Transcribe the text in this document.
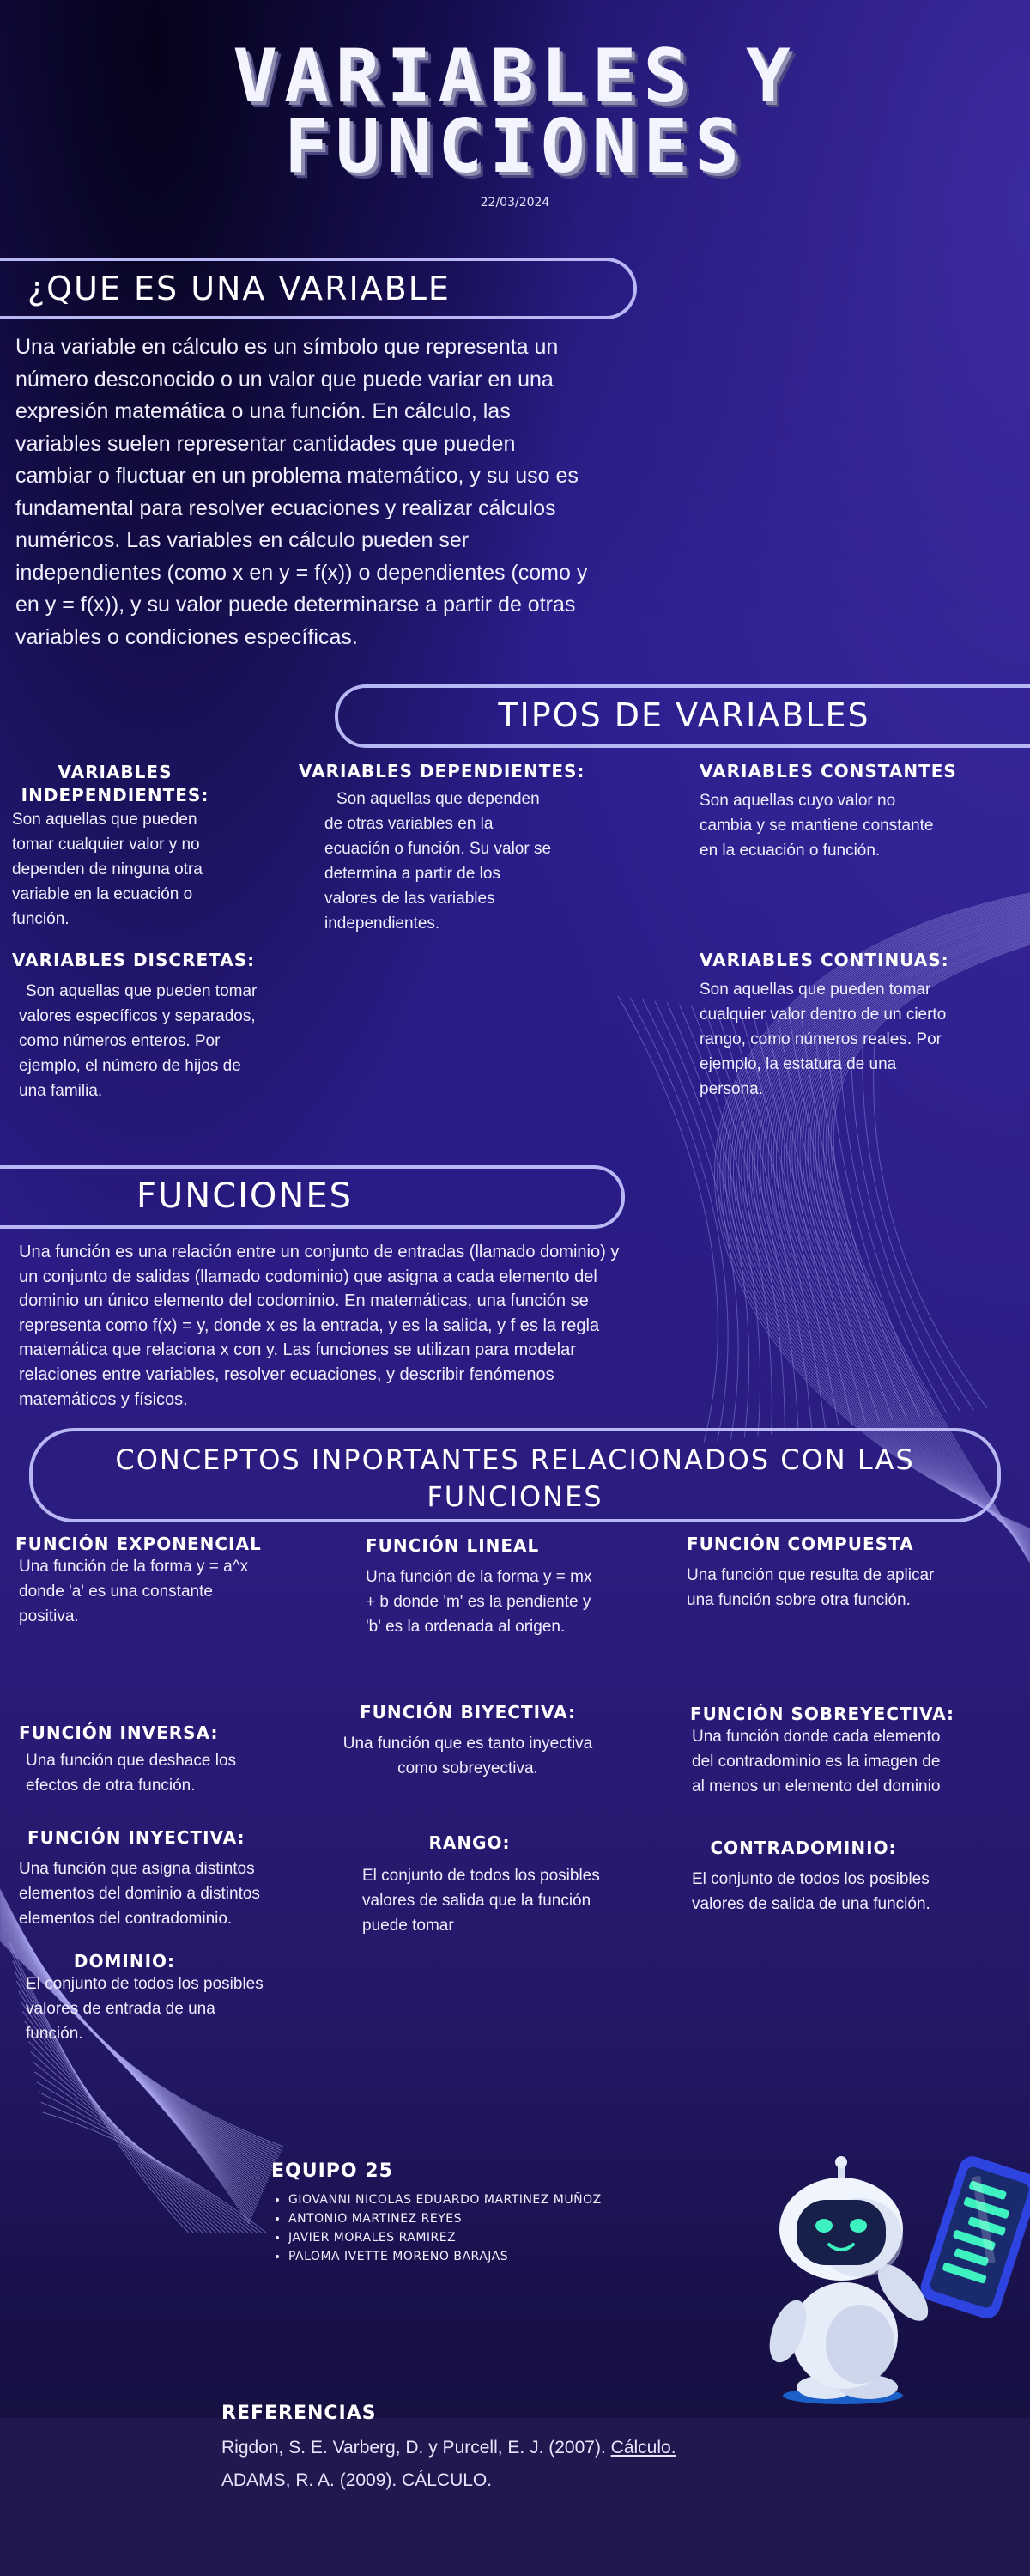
VARIABLES Y
FUNCIONES
22/03/2024
¿QUE ES UNA VARIABLE
Una variable en cálculo es un símbolo que representa un número desconocido o un valor que puede variar en una expresión matemática o una función. En cálculo, las variables suelen representar cantidades que pueden cambiar o fluctuar en un problema matemático, y su uso es fundamental para resolver ecuaciones y realizar cálculos numéricos. Las variables en cálculo pueden ser independientes (como x en y = f(x)) o dependientes (como y en y = f(x)), y su valor puede determinarse a partir de otras variables o condiciones específicas.
TIPOS DE VARIABLES
VARIABLES INDEPENDIENTES:
Son aquellas que pueden tomar cualquier valor y no dependen de ninguna otra variable en la ecuación o función.
VARIABLES DEPENDIENTES:
Son aquellas que dependen de otras variables en la ecuación o función. Su valor se determina a partir de los valores de las variables independientes.
VARIABLES CONSTANTES
Son aquellas cuyo valor no cambia y se mantiene constante en la ecuación o función.
VARIABLES DISCRETAS:
Son aquellas que pueden tomar valores específicos y separados, como números enteros. Por ejemplo, el número de hijos de una familia.
VARIABLES CONTINUAS:
Son aquellas que pueden tomar cualquier valor dentro de un cierto rango, como números reales. Por ejemplo, la estatura de una persona.
FUNCIONES
Una función es una relación entre un conjunto de entradas (llamado dominio) y un conjunto de salidas (llamado codominio) que asigna a cada elemento del dominio un único elemento del codominio. En matemáticas, una función se representa como f(x) = y, donde x es la entrada, y es la salida, y f es la regla matemática que relaciona x con y. Las funciones se utilizan para modelar relaciones entre variables, resolver ecuaciones, y describir fenómenos matemáticos y físicos.
CONCEPTOS INPORTANTES RELACIONADOS CON LAS
FUNCIONES
FUNCIÓN EXPONENCIAL
Una función de la forma y = a^x donde 'a' es una constante positiva.
FUNCIÓN LINEAL
Una función de la forma y = mx + b donde 'm' es la pendiente y 'b' es la ordenada al origen.
FUNCIÓN COMPUESTA
Una función que resulta de aplicar una función sobre otra función.
FUNCIÓN INVERSA:
Una función que deshace los efectos de otra función.
FUNCIÓN BIYECTIVA:
Una función que es tanto inyectiva como sobreyectiva.
FUNCIÓN SOBREYECTIVA:
Una función donde cada elemento del contradominio es la imagen de al menos un elemento del dominio
FUNCIÓN INYECTIVA:
Una función que asigna distintos elementos del dominio a distintos elementos del contradominio.
RANGO:
El conjunto de todos los posibles valores de salida que la función puede tomar
CONTRADOMINIO:
El conjunto de todos los posibles valores de salida de una función.
DOMINIO:
El conjunto de todos los posibles valores de entrada de una función.
EQUIPO 25
• GIOVANNI NICOLAS EDUARDO MARTINEZ MUÑOZ
• ANTONIO MARTINEZ REYES
• JAVIER MORALES RAMIREZ
• PALOMA IVETTE MORENO BARAJAS
REFERENCIAS
Rigdon, S. E. Varberg, D. y Purcell, E. J. (2007). Cálculo.
ADAMS, R. A. (2009). CÁLCULO.
